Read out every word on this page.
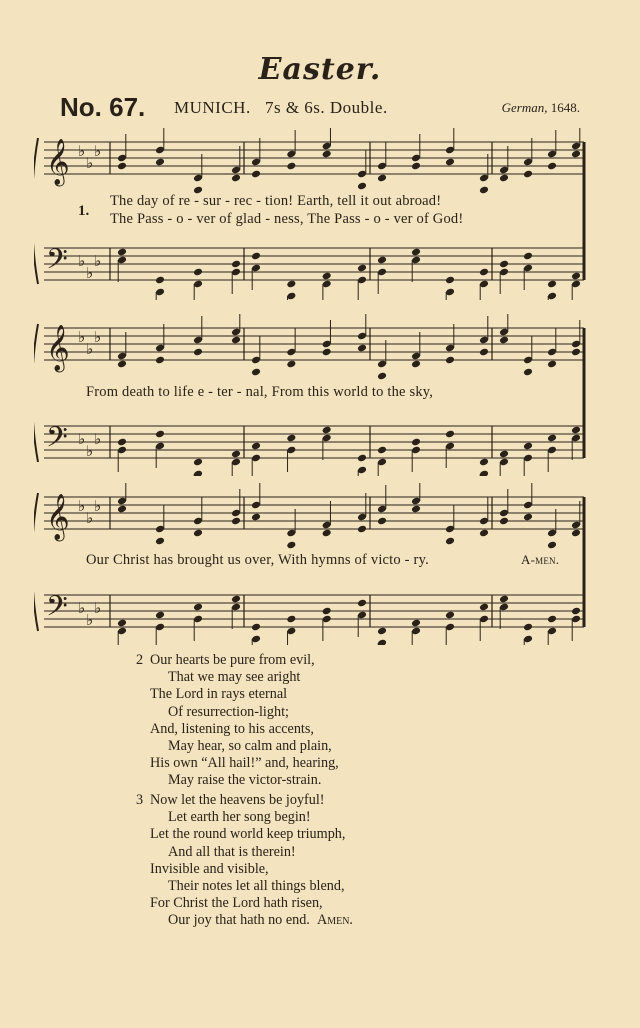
Easter.
No. 67. MUNICH. 7s & 6s. Double.	German, 1648.
𝄞
𝄢
♭
♭
♭
♭
♭
♭
1.
The day of re - sur - rec - tion! Earth, tell it out abroad!
The Pass - o - ver of glad - ness, The Pass - o - ver of God!
𝄞
𝄢
♭
♭
♭
♭
♭
♭
From death to life e - ter - nal, From this world to the sky,
𝄞
𝄢
♭
♭
♭
♭
♭
♭
Our Christ has brought us over, With hymns of victo - ry.	A-men.
2 Our hearts be pure from evil,
That we may see aright
The Lord in rays eternal
Of resurrection-light;
And, listening to his accents,
May hear, so calm and plain,
His own “All hail!” and, hearing,
May raise the victor-strain.
3 Now let the heavens be joyful!
Let earth her song begin!
Let the round world keep triumph,
And all that is therein!
Invisible and visible,
Their notes let all things blend,
For Christ the Lord hath risen,
Our joy that hath no end. Amen.
